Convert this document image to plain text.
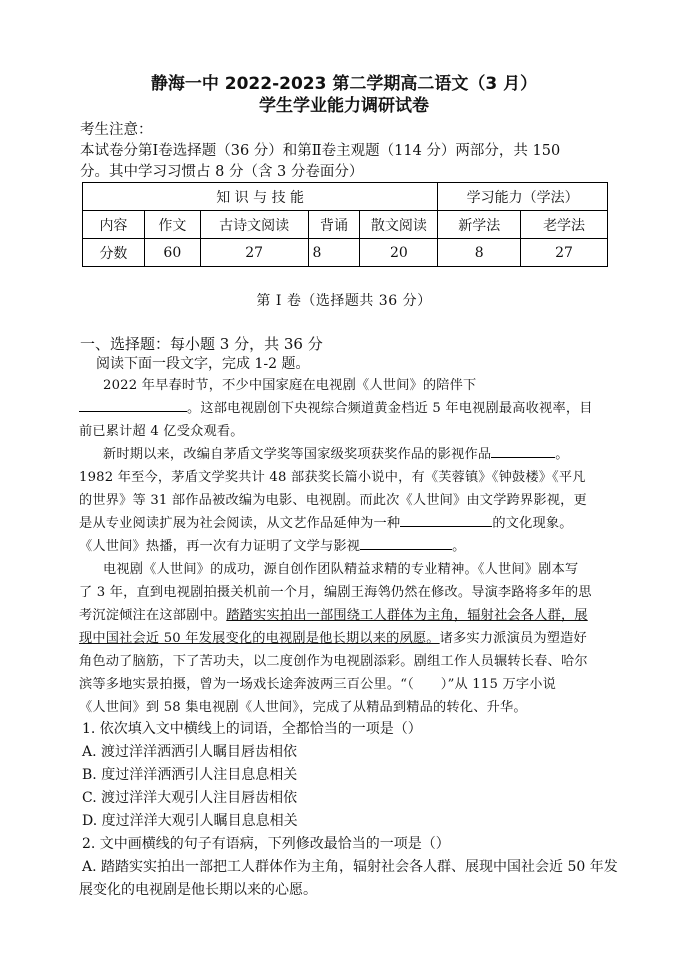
静海一中 2022-2023 第二学期高二语文（3 月）
学生学业能力调研试卷
考生注意：
本试卷分第Ⅰ卷选择题（36 分）和第Ⅱ卷主观题（114 分）两部分，共 150
分。其中学习习惯占 8 分（含 3 分卷面分）
知 识 与 技 能					学习能力（学法）	
内容	作文	古诗文阅读	背诵	散文阅读	新学法	老学法
分数	60	27	8	20	8	27
第 Ⅰ 卷（选择题共 36 分）
一、选择题：每小题 3 分，共 36 分
阅读下面一段文字，完成 1-2 题。
2022 年早春时节，不少中国家庭在电视剧《人世间》的陪伴下
。这部电视剧创下央视综合频道黄金档近 5 年电视剧最高收视率，目
前已累计超 4 亿受众观看。
新时期以来，改编自茅盾文学奖等国家级奖项获奖作品的影视作品	。
1982 年至今，茅盾文学奖共计 48 部获奖长篇小说中，有《芙蓉镇》《钟鼓楼》《平凡
的世界》等 31 部作品被改编为电影、电视剧。而此次《人世间》由文学跨界影视，更
是从专业阅读扩展为社会阅读，从文艺作品延伸为一种	的文化现象。
《人世间》热播，再一次有力证明了文学与影视	。
电视剧《人世间》的成功，源自创作团队精益求精的专业精神。《人世间》剧本写
了 3 年，直到电视剧拍摄关机前一个月，编剧王海鸰仍然在修改。导演李路将多年的思
考沉淀倾注在这部剧中。踏踏实实拍出一部围绕工人群体为主角，辐射社会各人群，展
现中国社会近 50 年发展变化的电视剧是他长期以来的夙愿。诸多实力派演员为塑造好
角色动了脑筋，下了苦功夫，以二度创作为电视剧添彩。剧组工作人员辗转长春、哈尔
滨等多地实景拍摄，曾为一场戏长途奔波两三百公里。“（　　）”从 115 万字小说
《人世间》到 58 集电视剧《人世间》，完成了从精品到精品的转化、升华。
1. 依次填入文中横线上的词语，全都恰当的一项是（）
A. 渡过洋洋洒洒引人瞩目唇齿相依
B. 度过洋洋洒洒引人注目息息相关
C. 渡过洋洋大观引人注目唇齿相依
D. 度过洋洋大观引人瞩目息息相关
2. 文中画横线的句子有语病，下列修改最恰当的一项是（）
A. 踏踏实实拍出一部把工人群体作为主角，辐射社会各人群、展现中国社会近 50 年发
展变化的电视剧是他长期以来的心愿。
